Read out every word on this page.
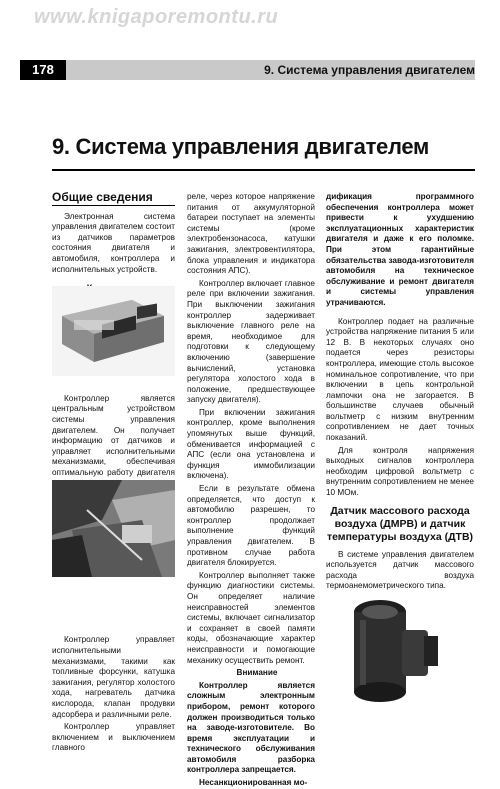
www.knigaporemontu.ru
178	9. Система управления двигателем
9. Система управления двигателем
Общие сведения

Электронная система управления двигателем состоит из датчиков параметров состояния двигателя и автомобиля, контроллера и исполнительных устройств.

Контроллер является центральным устройством системы управления двигателем. Он получает информацию от датчиков и управляет исполнительными механизмами, обеспечивая оптимальную работу двигателя

Контроллер управляет исполнительными механизмами, такими как топливные форсунки, катушка зажигания, регулятор холостого хода, нагреватель датчика кислорода, клапан продувки адсорбера и различными реле.

Контроллер управляет включением и выключением главного

реле, через которое напряжение питания от аккумуляторной батареи поступает на элементы системы (кроме электробензонасоса, катушки зажигания, электровентилятора, блока управления и индикатора состояния АПС).

Контроллер включает главное реле при включении зажигания. При выключении зажигания контроллер задерживает выключение главного реле на время, необходимое для подготовки к следующему включению (завершение вычислений, установка регулятора холостого хода в положение, предшествующее запуску двигателя).

При включении зажигания контроллер, кроме выполнения упомянутых выше функций, обменивается информацией с АПС (если она установлена и функция иммобилизации включена).

Если в результате обмена определяется, что доступ к автомобилю разрешен, то контроллер продолжает выполнение функций управления двигателем. В противном случае работа двигателя блокируется.

Контроллер выполняет также функцию диагностики системы. Он определяет наличие неисправностей элементов системы, включает сигнализатор и сохраняет в своей памяти коды, обозначающие характер неисправности и помогающие механику осуществить ремонт.

Внимание

Контроллер является сложным электронным прибором, ремонт которого должен производиться только на заводе-изготовителе. Во время эксплуатации и технического обслуживания автомобиля разборка контроллера запрещается.

Несанкционированная мо-

дификация программного обеспечения контроллера может привести к ухудшению эксплуатационных характеристик двигателя и даже к его поломке. При этом гарантийные обязательства завода-изготовителя автомобиля на техническое обслуживание и ремонт двигателя и системы управления утрачиваются.

Контроллер подает на различные устройства напряжение питания 5 или 12 В. В некоторых случаях оно подается через резисторы контроллера, имеющие столь высокое номинальное сопротивление, что при включении в цепь контрольной лампочки она не загорается. В большинстве случаев обычный вольтметр с низким внутренним сопротивлением не дает точных показаний.

Для контроля напряжения выходных сигналов контроллера необходим цифровой вольтметр с внутренним сопротивлением не менее 10 МОм.

Датчик массового расхода воздуха (ДМРВ) и датчик температуры воздуха (ДТВ)

В системе управления двигателем используется датчик массового расхода воздуха термоанемометрического типа.
